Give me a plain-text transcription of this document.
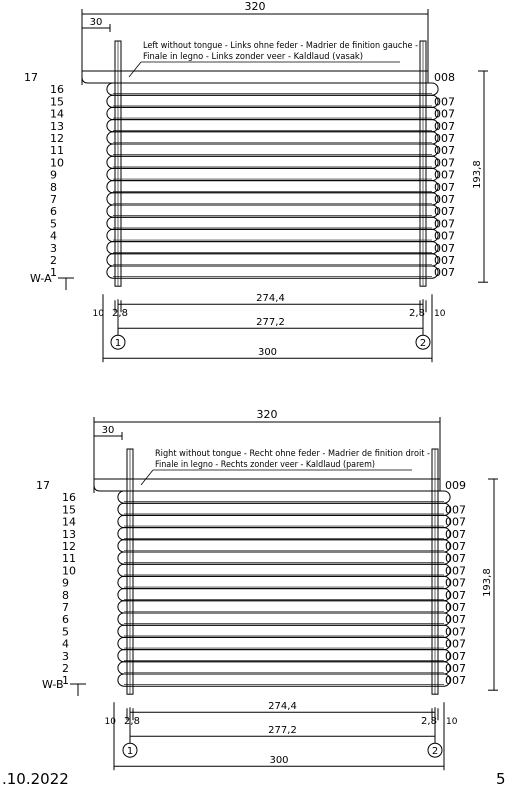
320
30
Left without tongue - Links ohne feder - Madrier de finition gauche -
Finale in legno - Links zonder veer - Kaldlaud (vasak)
1
2
3
4
5
6
7
8
9
10
11
12
13
14
15
16
17
007
007
007
007
007
007
007
007
007
007
007
007
007
007
007
008
193,8
W-A
274,4
10 2,8	2,8 10
277,2
1	2
300
320
30
Right without tongue - Recht ohne feder - Madrier de finition droit -
Finale in legno - Rechts zonder veer - Kaldlaud (parem)
1
2
3
4
5
6
7
8
9
10
11
12
13
14
15
16
17
007
007
007
007
007
007
007
007
007
007
007
007
007
007
007
009
193,8
W-B
274,4
10 2,8	2,8 10
277,2
1	2
300
.10.2022	5
